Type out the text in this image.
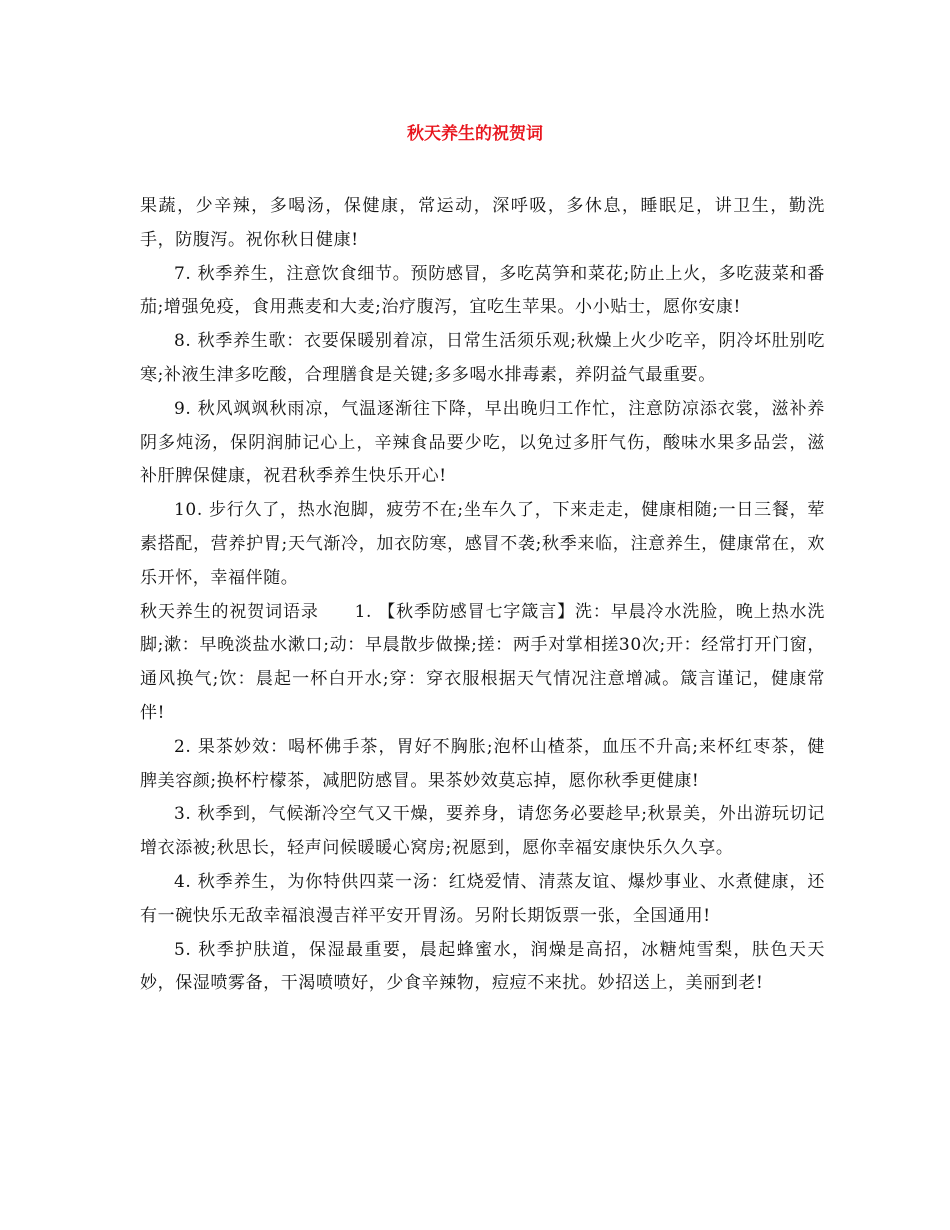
秋天养生的祝贺词

果蔬，少辛辣，多喝汤，保健康，常运动，深呼吸，多休息，睡眠足，讲卫生，勤洗手，防腹泻。祝你秋日健康!

7. 秋季养生，注意饮食细节。预防感冒，多吃莴笋和菜花;防止上火，多吃菠菜和番茄;增强免疫，食用燕麦和大麦;治疗腹泻，宜吃生苹果。小小贴士，愿你安康!

8. 秋季养生歌：衣要保暖别着凉，日常生活须乐观;秋燥上火少吃辛，阴冷坏肚别吃寒;补液生津多吃酸，合理膳食是关键;多多喝水排毒素，养阴益气最重要。

9. 秋风飒飒秋雨凉，气温逐渐往下降，早出晚归工作忙，注意防凉添衣裳，滋补养阴多炖汤，保阴润肺记心上，辛辣食品要少吃，以免过多肝气伤，酸味水果多品尝，滋补肝脾保健康，祝君秋季养生快乐开心!

10. 步行久了，热水泡脚，疲劳不在;坐车久了，下来走走，健康相随;一日三餐，荤素搭配，营养护胃;天气渐冷，加衣防寒，感冒不袭;秋季来临，注意养生，健康常在，欢乐开怀，幸福伴随。

秋天养生的祝贺词语录　　1. 【秋季防感冒七字箴言】洗：早晨冷水洗脸，晚上热水洗脚;漱：早晚淡盐水漱口;动：早晨散步做操;搓：两手对掌相搓30次;开：经常打开门窗，通风换气;饮：晨起一杯白开水;穿：穿衣服根据天气情况注意增减。箴言谨记，健康常伴!

2. 果茶妙效：喝杯佛手茶，胃好不胸胀;泡杯山楂茶，血压不升高;来杯红枣茶，健脾美容颜;换杯柠檬茶，减肥防感冒。果茶妙效莫忘掉，愿你秋季更健康!

3. 秋季到，气候渐冷空气又干燥，要养身，请您务必要趁早;秋景美，外出游玩切记增衣添被;秋思长，轻声问候暖暖心窝房;祝愿到，愿你幸福安康快乐久久享。

4. 秋季养生，为你特供四菜一汤：红烧爱情、清蒸友谊、爆炒事业、水煮健康，还有一碗快乐无敌幸福浪漫吉祥平安开胃汤。另附长期饭票一张，全国通用!

5. 秋季护肤道，保湿最重要，晨起蜂蜜水，润燥是高招，冰糖炖雪梨，肤色天天妙，保湿喷雾备，干渴喷喷好，少食辛辣物，痘痘不来扰。妙招送上，美丽到老!
